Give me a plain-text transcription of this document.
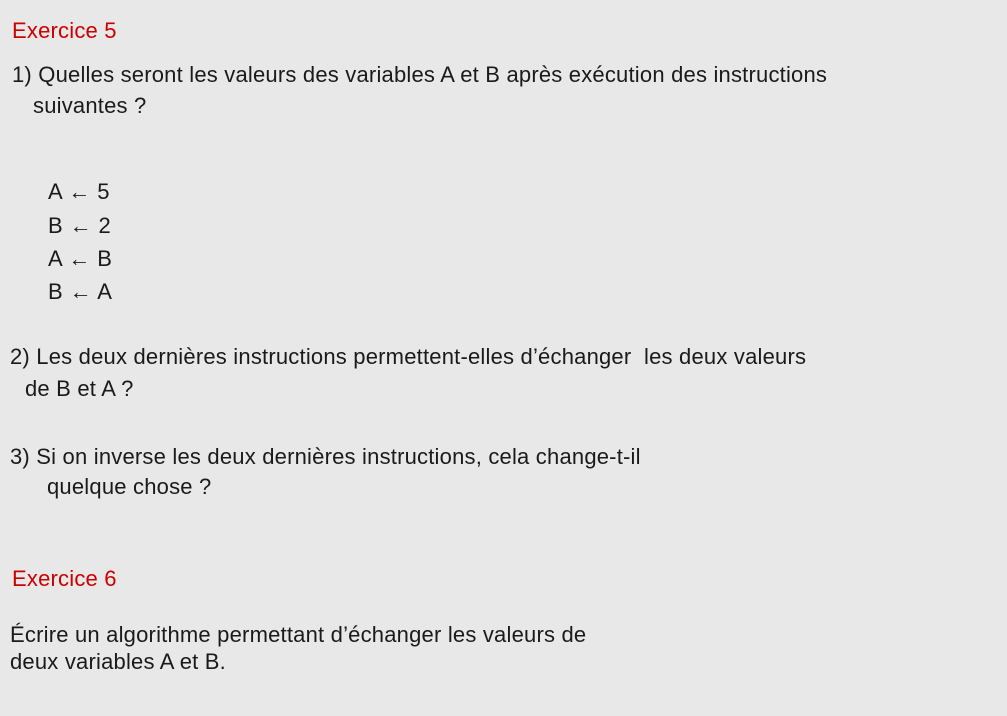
Exercice 5
1) Quelles seront les valeurs des variables A et B après exécution des instructions
suivantes ?
A ← 5
B ← 2
A ← B
B ← A
2) Les deux dernières instructions permettent-elles d’échanger  les deux valeurs
de B et A ?
3) Si on inverse les deux dernières instructions, cela change-t-il
quelque chose ?
Exercice 6
Écrire un algorithme permettant d’échanger les valeurs de
deux variables A et B.
